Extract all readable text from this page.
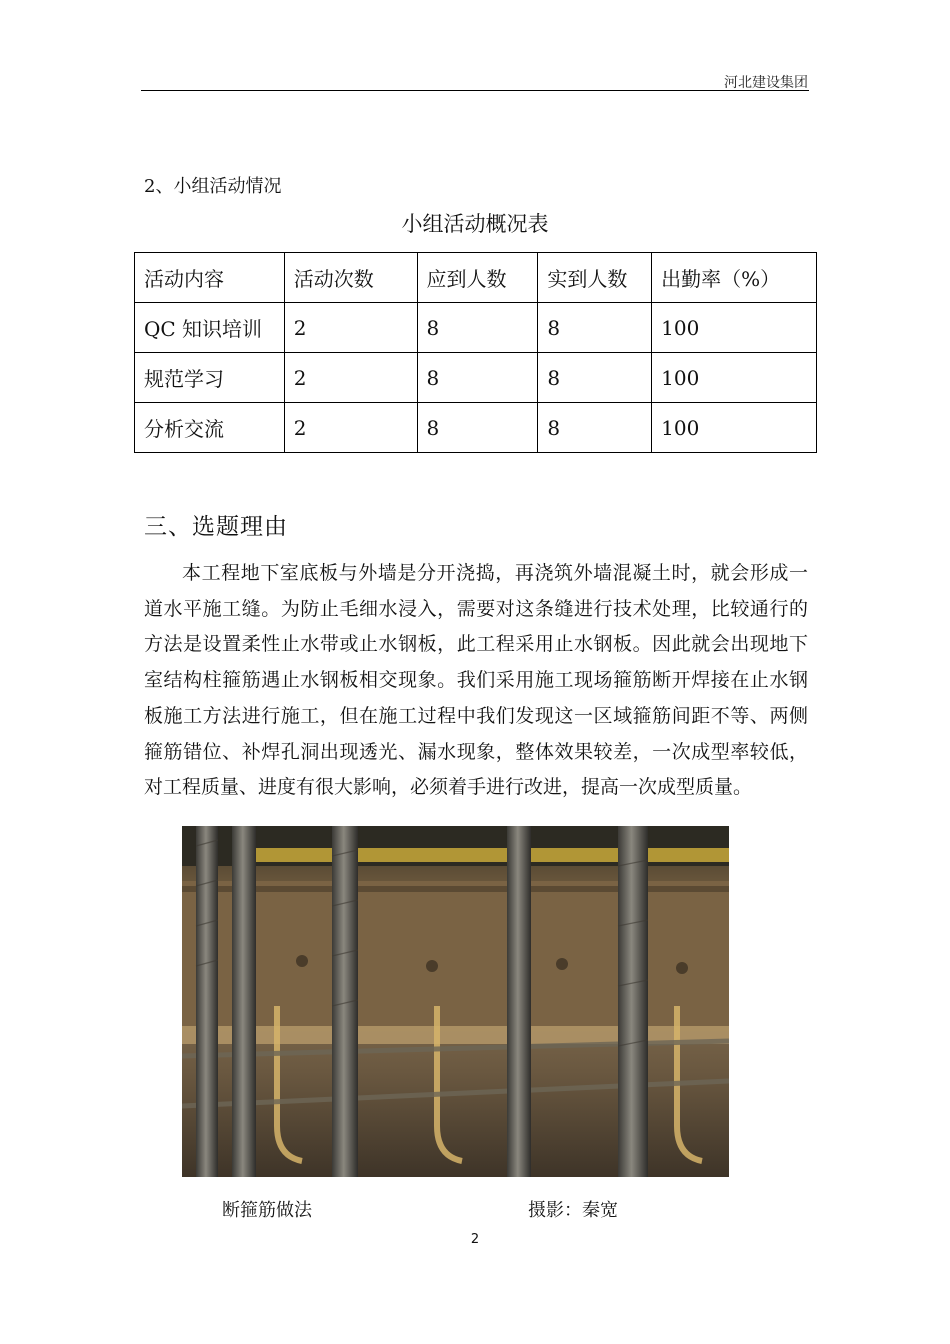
河北建设集团
2、小组活动情况
小组活动概况表
活动内容	活动次数	应到人数	实到人数	出勤率（%）
QC 知识培训	2	8	8	100
规范学习	2	8	8	100
分析交流	2	8	8	100
三、选题理由

本工程地下室底板与外墙是分开浇捣，再浇筑外墙混凝土时，就会形成一道水平施工缝。为防止毛细水浸入，需要对这条缝进行技术处理，比较通行的方法是设置柔性止水带或止水钢板，此工程采用止水钢板。因此就会出现地下室结构柱箍筋遇止水钢板相交现象。我们采用施工现场箍筋断开焊接在止水钢板施工方法进行施工，但在施工过程中我们发现这一区域箍筋间距不等、两侧箍筋错位、补焊孔洞出现透光、漏水现象，整体效果较差，一次成型率较低，对工程质量、进度有很大影响，必须着手进行改进，提高一次成型质量。

断箍筋做法	摄影：秦宽
2
